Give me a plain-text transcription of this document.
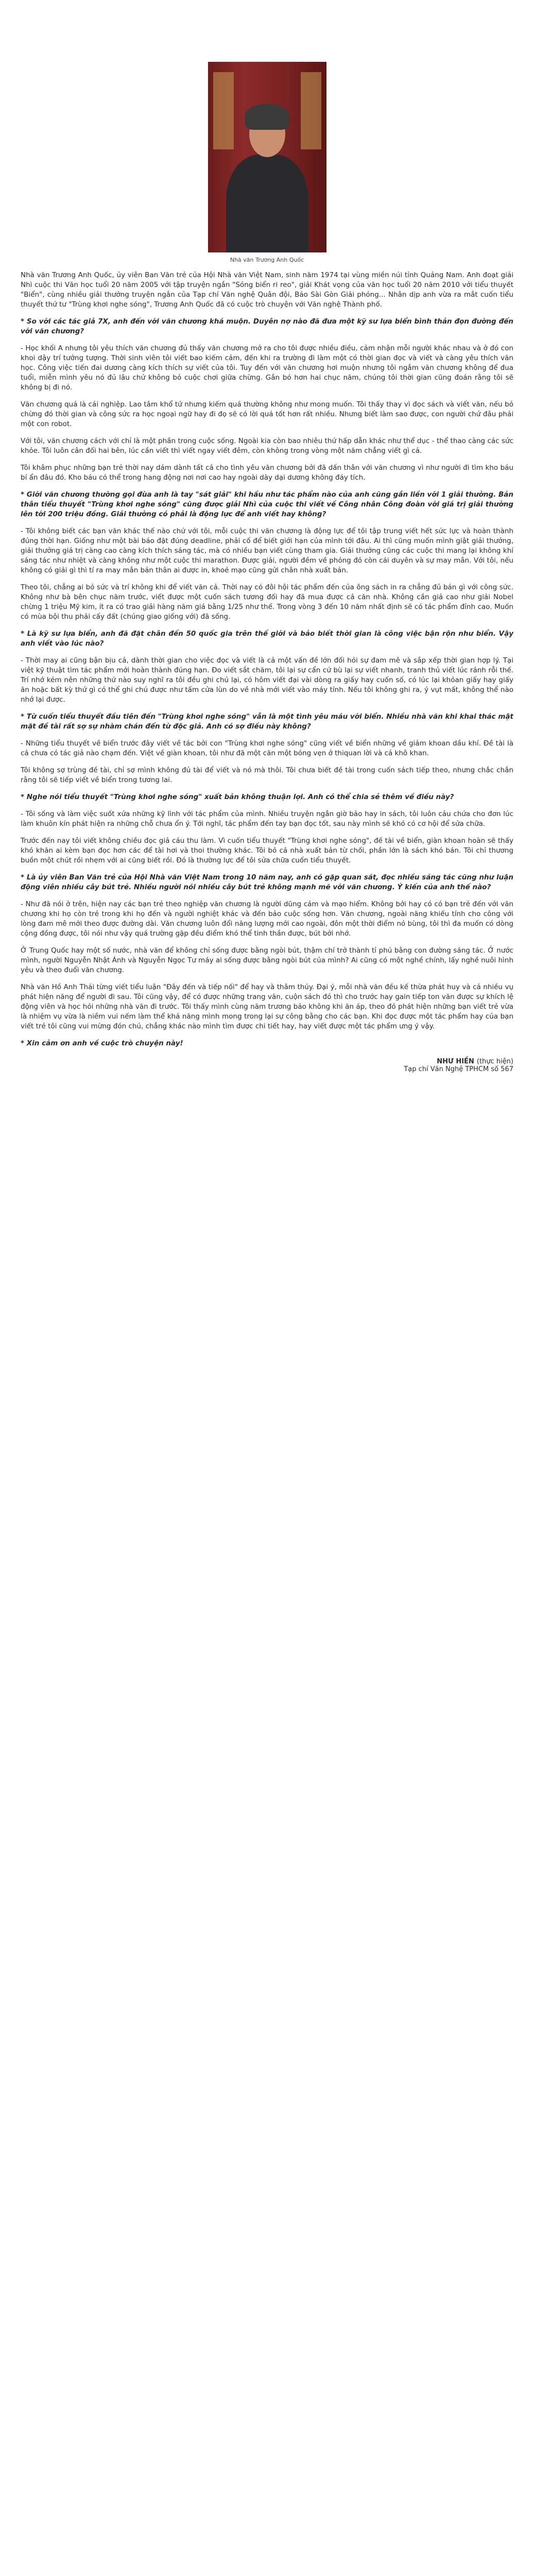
Nhà văn Trương Anh Quốc

Nhà văn Trương Anh Quốc, ủy viên Ban Văn trẻ của Hội Nhà văn Việt Nam, sinh năm 1974 tại vùng miền núi tỉnh Quảng Nam. Anh đoạt giải Nhì cuộc thi Văn học tuổi 20 năm 2005 với tập truyện ngắn "Sóng biển ri reo", giải Khát vọng của văn học tuổi 20 năm 2010 với tiểu thuyết "Biển", cùng nhiều giải thưởng truyện ngắn của Tạp chí Văn nghệ Quân đội, Báo Sài Gòn Giải phóng... Nhân dịp anh vừa ra mắt cuốn tiểu thuyết thứ tư "Trùng khơi nghe sóng", Trương Anh Quốc đã có cuộc trò chuyện với Văn nghệ Thành phố.

* So với các tác giả 7X, anh đến với văn chương khá muộn. Duyên nợ nào đã đưa một kỹ sư lựa biển bình thản đọn đường đến với văn chương?

- Học khối A nhưng tôi yêu thích văn chương đủ thấy văn chương mở ra cho tôi được nhiều điều, cảm nhận mỗi người khác nhau và ở đó con khoi dậy trí tưởng tượng. Thời sinh viên tôi viết bao kiếm cảm, đến khi ra trường đi làm một có thời gian đọc và viết và càng yêu thích văn học. Công việc tiến đai dương càng kích thích sự viết của tôi. Tuy đến với văn chương hơi muộn nhưng tôi ngắm văn chương không để đua tuổi, miễn mình yêu nó đủ lâu chứ không bỏ cuộc chơi giữa chừng. Gắn bó hơn hai chục năm, chúng tôi thời gian cũng đoán rằng tôi sẽ không bị đi nó.

Văn chương quá là cái nghiệp. Lao tâm khổ tứ nhưng kiếm quá thường không như mong muốn. Tôi thấy thay vì đọc sách và viết văn, nếu bỏ chừng đó thời gian và công sức ra học ngoại ngữ hay đi đọ sẽ có lời quá tốt hơn rất nhiều. Nhưng biết làm sao được, con người chứ đâu phải một con robot.

Với tôi, văn chương cách với chỉ là một phần trong cuộc sống. Ngoài kia còn bao nhiêu thứ hấp dẫn khác như thể dục - thể thao càng các sức khỏe. Tôi luôn cân đối hai bên, lúc cần viết thì viết ngay viết đêm, còn không trong vòng một năm chẳng viết gì cả.

Tôi khâm phục những bạn trẻ thời nay dám dành tất cả cho tình yêu văn chương bởi đã dấn thân với văn chương vì như người đi tìm kho báu bí ẩn đâu đó. Kho báu có thể trong hang động nơi nơi cao hay ngoài dày dại dương không đáy tích.

* Giới văn chương thường gọi đùa anh là tay "sát giải" khi hầu như tác phẩm nào của anh cũng gắn liền với 1 giải thưởng. Bản thân tiểu thuyết "Trùng khơi nghe sóng" cũng được giải Nhì của cuộc thi viết về Công nhân Công đoàn với giá trị giải thưởng lên tới 200 triệu đồng. Giải thưởng có phải là động lực để anh viết hay không?

- Tôi không biết các bạn văn khác thế nào chứ với tôi, mỗi cuộc thi văn chương là động lực để tôi tập trung viết hết sức lực và hoàn thành đúng thời hạn. Giống như một bài báo đặt đúng deadline, phải cố để biết giới hạn của mình tới đâu. Ai thì cũng muốn mình giật giải thưởng, giải thưởng giá trị càng cao càng kích thích sáng tác, mà có nhiều bạn viết cùng tham gia. Giải thưởng cũng các cuộc thi mang lại không khí sáng tác như nhiệt và càng không như một cuộc thi marathon. Được giải, người đềm về phóng đỏ còn cái duyên và sự may mắn. Với tôi, nếu không có giải gì thì tí ra may mắn bản thân ai được in, khoẻ mạo cũng gửi chân nhà xuất bản.

Theo tôi, chẳng ai bỏ sức và trí không khi để viết văn cả. Thời nay có đôi hội tác phẩm đến của ông sách in ra chẳng đủ bán gì với công sức. Không như bà bên chục năm trước, viết được một cuốn sách tương đối hay đã mua được cả căn nhà. Không cần giả cao như giải Nobel chừng 1 triệu Mỹ kim, ít ra có trao giải hàng năm giá bằng 1/25 như thế. Trong vòng 3 đến 10 năm nhất định sẽ có tác phẩm đỉnh cao. Muốn có mùa bội thu phải cấy đất (chúng giao giống với) đã sống.

* Là kỹ sư lựa biển, anh đã đặt chân đến 50 quốc gia trên thế giới và bảo biết thời gian là công việc bận rộn như biển. Vậy anh viết vào lúc nào?

- Thời may ai cũng bận bịu cả, dành thời gian cho việc đọc và viết là cả một vấn đề lớn đối hỏi sự đam mê và sắp xếp thời gian hợp lý. Tại việt kỹ thuật tìm tác phẩm mới hoàn thành đúng hạn. Đo viết sắt chăm, tôi lại sự cẩn cứ bù lại sự viết nhanh, tranh thủ viết lúc rảnh rỗi thế. Trí nhớ kém nên những thứ nào suy nghĩ ra tôi đều ghi chú lại, có hôm viết đại vài dòng ra giấy hay cuốn số, có lúc lại khỏan giấy hay giấy ăn hoặc bất kỳ thứ gì có thể ghi chú được như tấm cửa lùn do về nhà mới viết vào máy tính. Nếu tôi không ghi ra, ý vụt mất, không thể nào nhớ lại được.

* Từ cuốn tiểu thuyết đầu tiên đến "Trùng khơi nghe sóng" vẫn là một tình yêu máu với biển. Nhiều nhà văn khi khai thác mật mặt đề tài rất sợ sự nhàm chán đến từ độc giả. Anh có sợ điều này không?

- Những tiểu thuyết về biển trước đây viết về tác bởi con "Trùng khơi nghe sóng" cũng viết về biển những về giảm khoan dầu khí. Đề tài là cả chưa có tác giả nào chạm đến. Việt về giàn khoan, tôi như đã một căn một bóng vẹn ở thiquan lời và cả khô khan.

Tôi không sợ trùng đề tài, chỉ sợ mình không đủ tài để viết và nó mà thôi. Tôi chưa biết đề tài trong cuốn sách tiếp theo, nhưng chắc chắn rằng tôi sẽ tiếp viết về biển trong tương lai.

* Nghe nói tiểu thuyết "Trùng khơi nghe sóng" xuất bản không thuận lợi. Anh có thể chia sẻ thêm về điều này?

- Tôi sống và làm việc suốt xứa những kỹ lình với tác phẩm của mình. Nhiều truyện ngắn giờ bảo hay in sách, tôi luôn cảu chứa cho đơn lúc làm khuôn kín phát hiện ra những chỗ chưa ổn ý. Tới nghĩ, tác phẩm đến tay bạn đọc tốt, sau này mình sẽ khó có cơ hội để sửa chữa.

Trước đến nay tôi viết không chiều đọc giả cáu thu làm. Vì cuốn tiểu thuyết "Trùng khơi nghe sóng", đề tài về biển, giàn khoan hoàn sẽ thấy khó khăn ai kèm bạn đọc hơn các để tài hơi và thoi thường khác. Tôi bỏ cả nhà xuất bản từ chối, phần lớn là sách khó bán. Tôi chỉ thương buồn một chút rồi nhẹm với ai cũng biết rồi. Đó là thường lực để tôi sửa chữa cuốn tiểu thuyết.

* Là ủy viên Ban Văn trẻ của Hội Nhà văn Việt Nam trong 10 năm nay, anh có gặp quan sát, đọc nhiều sáng tác cũng như luận động viên nhiều cây bút trẻ. Nhiều người nói nhiều cây bút trẻ không mạnh mẽ với văn chương. Ý kiến của anh thế nào?

- Như đã nói ở trên, hiện nay các bạn trẻ theo nghiệp văn chương là người dũng cảm và mạo hiểm. Không bởi hay có có bạn trẻ đến với văn chương khi họ còn trẻ trong khi họ đến và người nghiệt khác và đến bảo cuộc sống hơn. Văn chương, ngoài năng khiếu tính cho công với lòng đam mê mới theo được đường dài. Văn chương luôn đổi năng lượng mới cao ngoài, đôn một thời điểm nó bùng, tôi thì đa muốn có dòng cộng đồng được, tôi nói như vậy quá trường gặp đều điểm khó thể tinh thần được, bút bởi nhớ.

Ở Trung Quốc hay một số nước, nhà văn để không chỉ sống được bằng ngòi bút, thậm chí trở thành tỉ phú bằng con đường sáng tác. Ở nước mình, người Nguyễn Nhật Ánh và Nguyễn Ngọc Tư máy ai sống được bằng ngòi bút của mình? Ai cũng có một nghề chính, lấy nghề nuôi hình yêu và theo đuổi văn chương.

Nhà văn Hồ Anh Thái từng viết tiểu luận "Đây đến và tiếp nối" để hay và thâm thúy. Đại ý, mỗi nhà văn đều kế thừa phát huy và cả nhiều vụ phát hiện năng để người đi sau. Tôi cũng vậy, để có được những trang văn, cuộn sách đó thì cho trước hay gain tiếp ton văn được sự khích lệ động viên và học hỏi những nhà văn đi trước. Tôi thấy mình cùng năm trương bảo không khi ăn áp, theo đó phát hiện những bạn viết trẻ vừa là nhiệm vụ vừa là niềm vui nếm làm thể khả năng mình mong trong lại sự công bằng cho các bạn. Khi đọc được một tác phẩm hay của bạn viết trẻ tôi cũng vui mừng đón chú, chẳng khác nào mình tìm được chi tiết hay, hay viết được một tác phẩm ưng ý vậy.

* Xin cảm ơn anh về cuộc trò chuyện này!

NHƯ HIỀN (thực hiện)
Tạp chí Văn Nghệ TPHCM số 567
